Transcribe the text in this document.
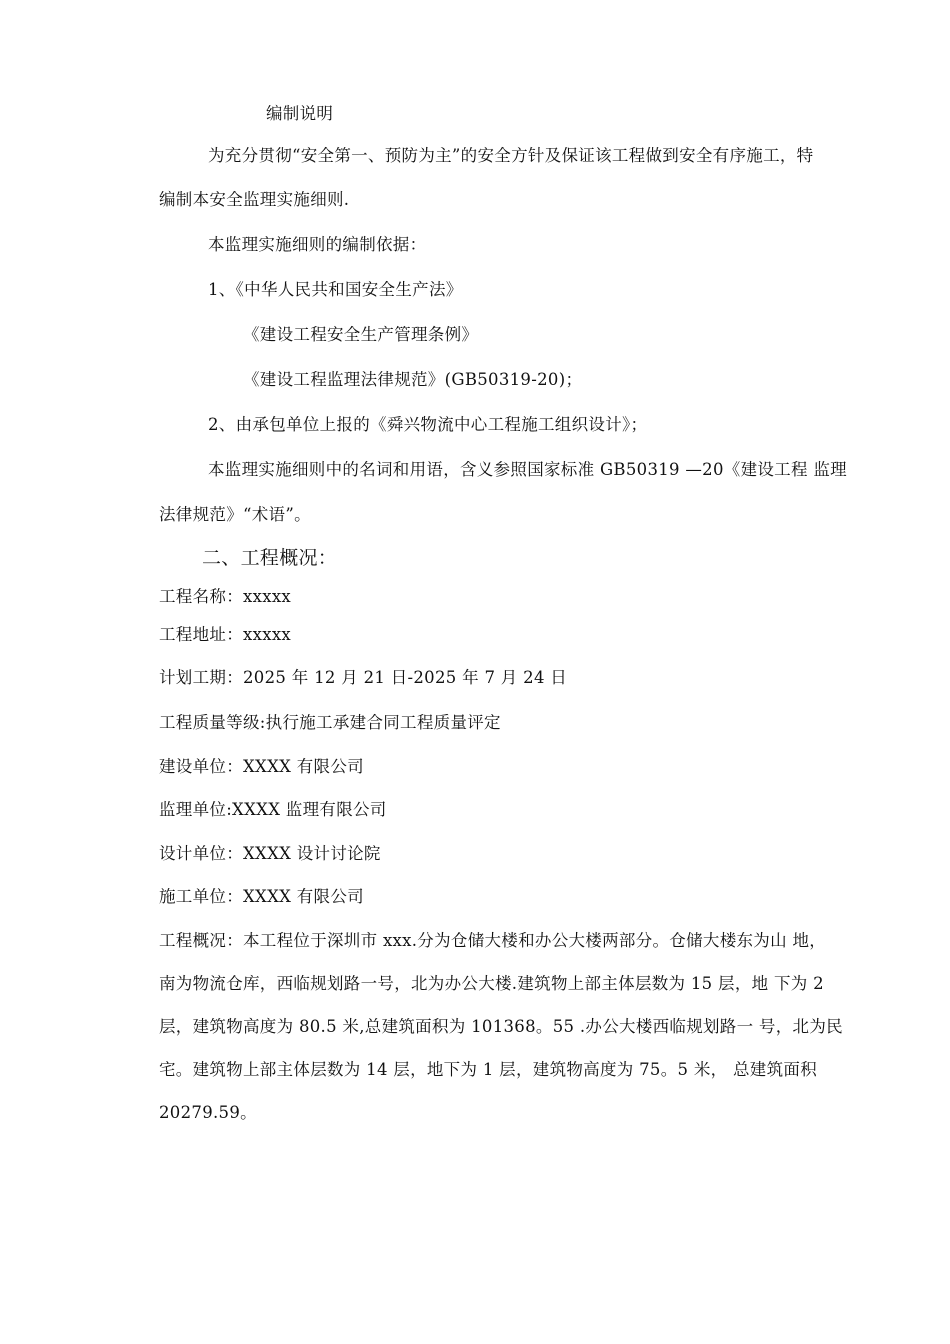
编制说明
为充分贯彻“安全第一、预防为主”的安全方针及保证该工程做到安全有序施工，特
编制本安全监理实施细则.
本监理实施细则的编制依据：
1、《中华人民共和国安全生产法》
《建设工程安全生产管理条例》
《建设工程监理法律规范》(GB50319-20)；
2、由承包单位上报的《舜兴物流中心工程施工组织设计》；
本监理实施细则中的名词和用语，含义参照国家标准 GB50319 —20《建设工程 监理
法律规范》“术语”。
二、工程概况：
工程名称：xxxxx
工程地址：xxxxx
计划工期：2025 年 12 月 21 日-2025 年 7 月 24 日
工程质量等级:执行施工承建合同工程质量评定
建设单位：XXXX 有限公司
监理单位:XXXX 监理有限公司
设计单位：XXXX 设计讨论院
施工单位：XXXX 有限公司
工程概况：本工程位于深圳市 xxx.分为仓储大楼和办公大楼两部分。仓储大楼东为山 地，
南为物流仓库，西临规划路一号，北为办公大楼.建筑物上部主体层数为 15 层，地 下为 2
层，建筑物高度为 80.5 米,总建筑面积为 101368。55 .办公大楼西临规划路一 号，北为民
宅。建筑物上部主体层数为 14 层，地下为 1 层，建筑物高度为 75。5 米， 总建筑面积
20279.59。
